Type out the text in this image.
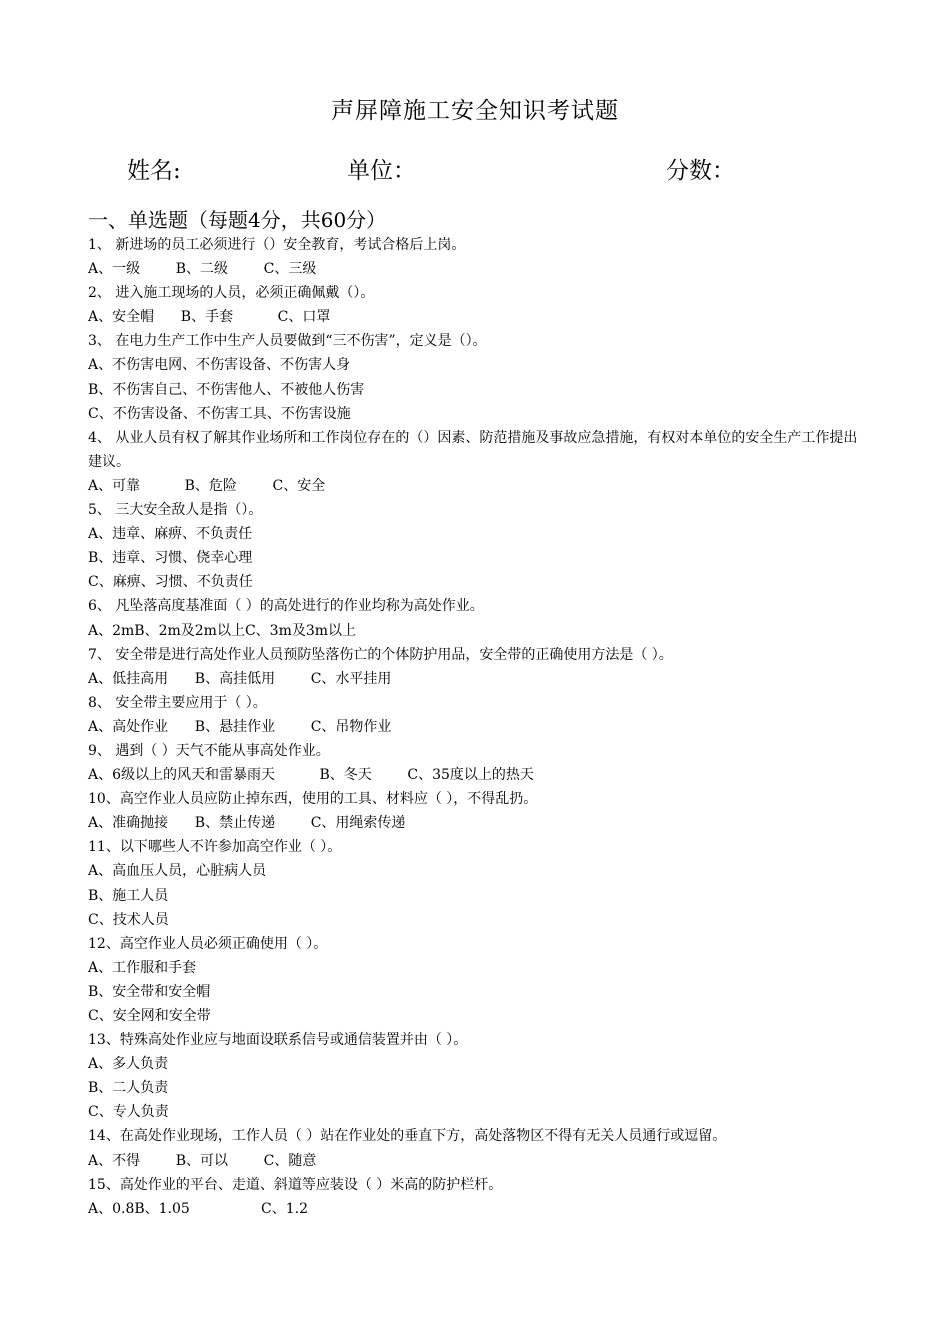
声屏障施工安全知识考试题
姓名:	单位：	分数：
一、单选题（每题4分，共60分）
1、 新进场的员工必须进行（）安全教育，考试合格后上岗。
A、一级        B、二级        C、三级
2、 进入施工现场的人员，必须正确佩戴（）。
A、安全帽      B、手套          C、口罩
3、 在电力生产工作中生产人员要做到“三不伤害”，定义是（）。
A、不伤害电网、不伤害设备、不伤害人身
B、不伤害自己、不伤害他人、不被他人伤害
C、不伤害设备、不伤害工具、不伤害设施
4、 从业人员有权了解其作业场所和工作岗位存在的（）因素、防范措施及事故应急措施，有权对本单位的安全生产工作提出建议。
A、可靠          B、危险        C、安全
5、 三大安全敌人是指（）。
A、违章、麻痹、不负责任
B、违章、习惯、侥幸心理
C、麻痹、习惯、不负责任
6、 凡坠落高度基准面（ ）的高处进行的作业均称为高处作业。
A、2mB、2m及2m以上C、3m及3m以上
7、 安全带是进行高处作业人员预防坠落伤亡的个体防护用品，安全带的正确使用方法是（ ）。
A、低挂高用      B、高挂低用        C、水平挂用
8、 安全带主要应用于（ ）。
A、高处作业      B、悬挂作业        C、吊物作业
9、 遇到（ ）天气不能从事高处作业。
A、6级以上的风天和雷暴雨天          B、冬天        C、35度以上的热天
10、高空作业人员应防止掉东西，使用的工具、材料应（ ），不得乱扔。
A、准确抛接      B、禁止传递        C、用绳索传递
11、以下哪些人不许参加高空作业（ ）。
A、高血压人员，心脏病人员
B、施工人员
C、技术人员
12、高空作业人员必须正确使用（ ）。
A、工作服和手套
B、安全带和安全帽
C、安全网和安全带
13、特殊高处作业应与地面设联系信号或通信装置并由（ ）。
A、多人负责
B、二人负责
C、专人负责
14、在高处作业现场，工作人员（ ）站在作业处的垂直下方，高处落物区不得有无关人员通行或逗留。
A、不得        B、可以        C、随意
15、高处作业的平台、走道、斜道等应装设（ ）米高的防护栏杆。
A、0.8B、1.05                C、1.2
